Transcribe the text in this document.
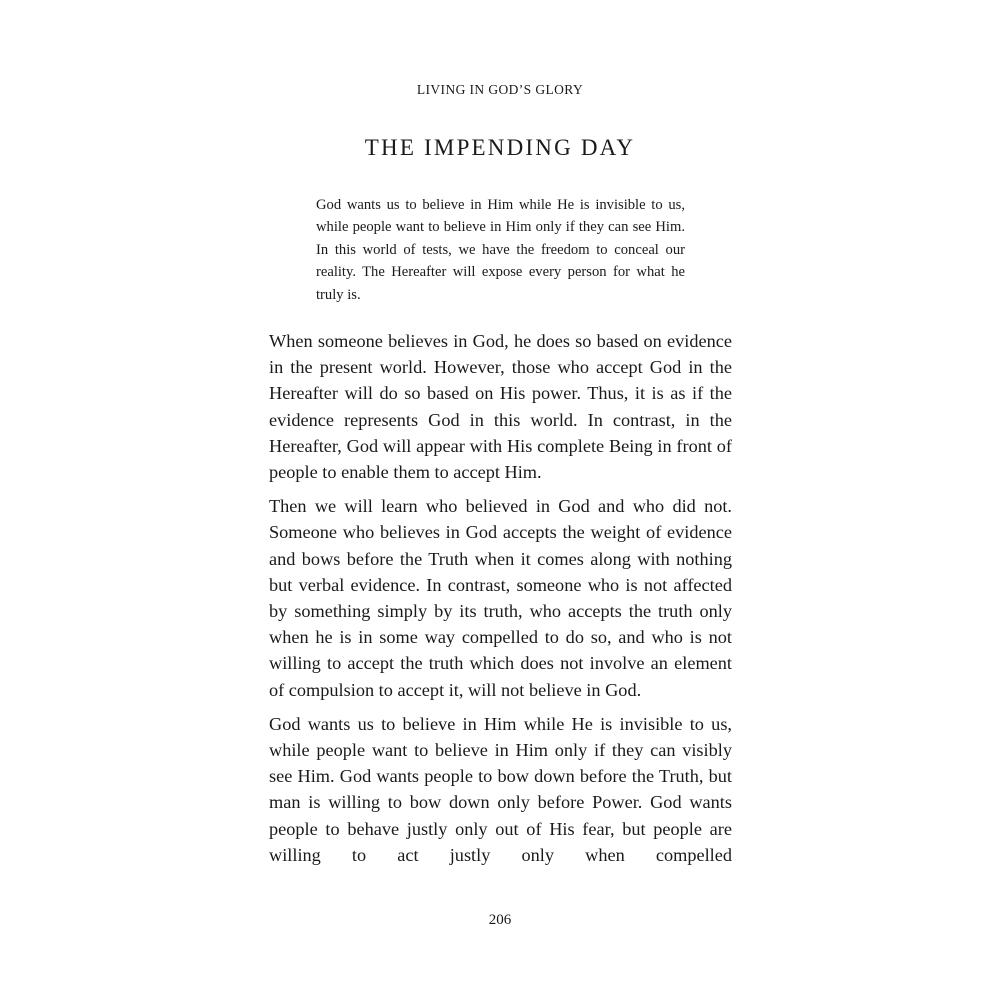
LIVING IN GOD’S GLORY
THE IMPENDING DAY
God wants us to believe in Him while He is invisible to us, while people want to believe in Him only if they can see Him. In this world of tests, we have the freedom to conceal our reality. The Hereafter will expose every person for what he truly is.

When someone believes in God, he does so based on evidence in the present world. However, those who accept God in the Hereafter will do so based on His power. Thus, it is as if the evidence represents God in this world. In contrast, in the Hereafter, God will appear with His complete Being in front of people to enable them to accept Him.

Then we will learn who believed in God and who did not. Someone who believes in God accepts the weight of evidence and bows before the Truth when it comes along with nothing but verbal evidence. In contrast, someone who is not affected by something simply by its truth, who accepts the truth only when he is in some way compelled to do so, and who is not willing to accept the truth which does not involve an element of compulsion to accept it, will not believe in God.

God wants us to believe in Him while He is invisible to us, while people want to believe in Him only if they can visibly see Him. God wants people to bow down before the Truth, but man is willing to bow down only before Power. God wants people to behave justly only out of His fear, but people are willing to act justly only when compelled

206
